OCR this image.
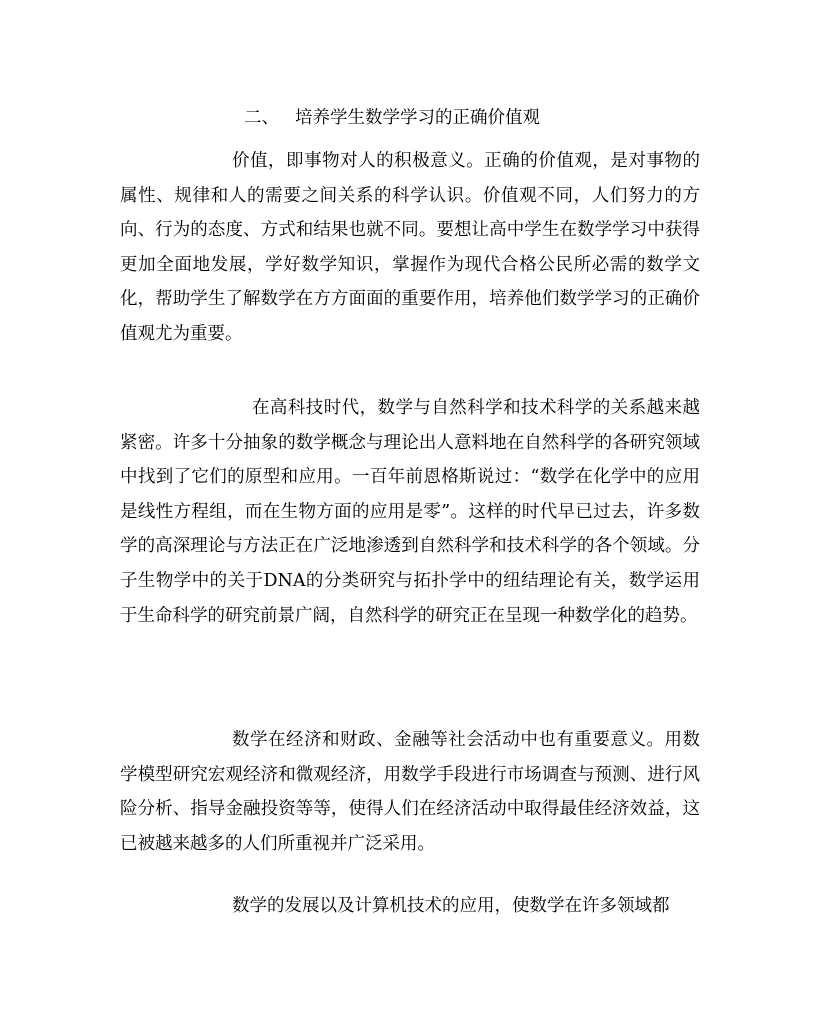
二、 培养学生数学学习的正确价值观

价值，即事物对人的积极意义。正确的价值观，是对事物的属性、规律和人的需要之间关系的科学认识。价值观不同，人们努力的方向、行为的态度、方式和结果也就不同。要想让高中学生在数学学习中获得更加全面地发展，学好数学知识，掌握作为现代合格公民所必需的数学文化，帮助学生了解数学在方方面面的重要作用，培养他们数学学习的正确价值观尤为重要。

在高科技时代，数学与自然科学和技术科学的关系越来越紧密。许多十分抽象的数学概念与理论出人意料地在自然科学的各研究领域中找到了它们的原型和应用。一百年前恩格斯说过：“数学在化学中的应用是线性方程组，而在生物方面的应用是零”。这样的时代早已过去，许多数学的高深理论与方法正在广泛地渗透到自然科学和技术科学的各个领域。分子生物学中的关于DNA的分类研究与拓扑学中的纽结理论有关，数学运用于生命科学的研究前景广阔，自然科学的研究正在呈现一种数学化的趋势。

数学在经济和财政、金融等社会活动中也有重要意义。用数学模型研究宏观经济和微观经济，用数学手段进行市场调查与预测、进行风险分析、指导金融投资等等，使得人们在经济活动中取得最佳经济效益，这已被越来越多的人们所重视并广泛采用。

数学的发展以及计算机技术的应用，使数学在许多领域都
